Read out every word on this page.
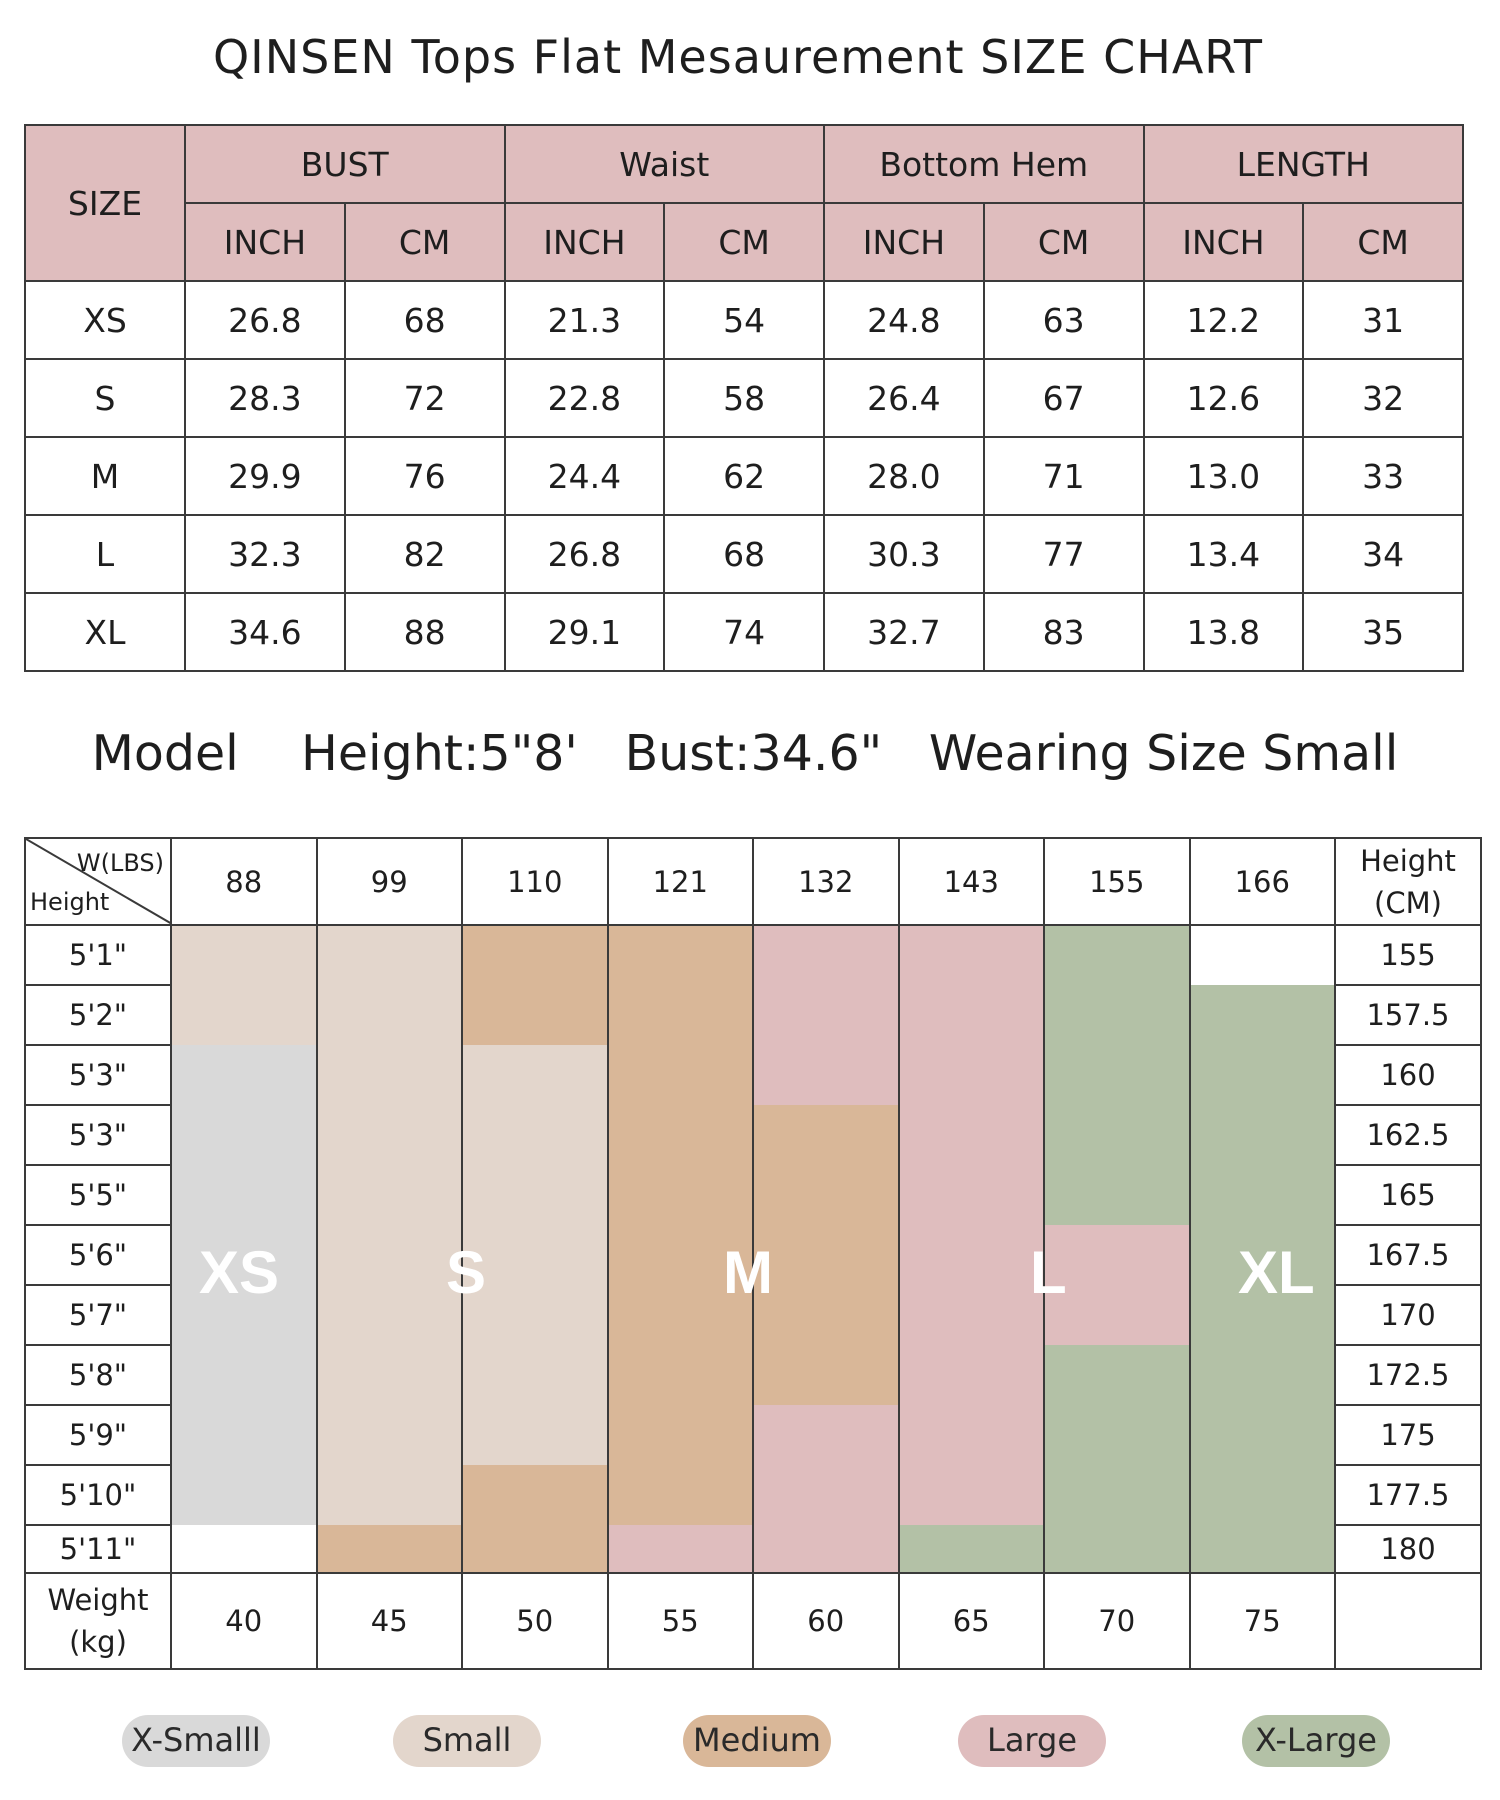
QINSEN Tops Flat Mesaurement SIZE CHART
SIZE	BUST		Waist		Bottom Hem		LENGTH	
	INCH	CM	INCH	CM	INCH	CM	INCH	CM
XS	26.8	68	21.3	54	24.8	63	12.2	31
S	28.3	72	22.8	58	26.4	67	12.6	32
M	29.9	76	24.4	62	28.0	71	13.0	33
L	32.3	82	26.8	68	30.3	77	13.4	34
XL	34.6	88	29.1	74	32.7	83	13.8	35
Model    Height:5"8'   Bust:34.6"   Wearing Size Small
W(LBS)
Height	88	99	110	121	132	143	155	166	Height
(CM)
5'1"									155
5'2"									157.5
5'3"									160
5'3"									162.5
5'5"									165
5'6"									167.5
5'7"									170
5'8"									172.5
5'9"									175
5'10"									177.5
5'11"									180
Weight
(kg)	40	45	50	55	60	65	70	75	
XS	S	M	L	XL
X-Smalll	Small	Medium	Large	X-Large
